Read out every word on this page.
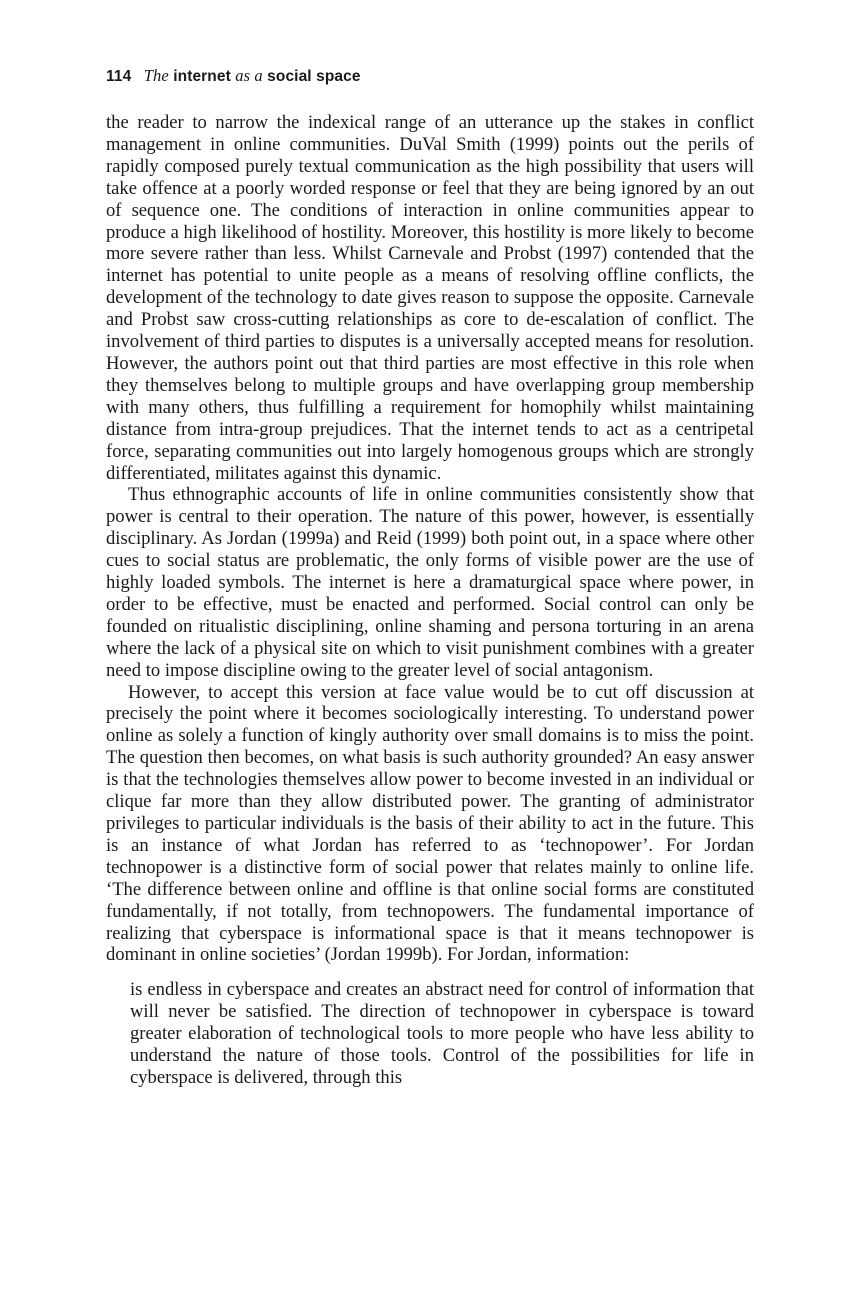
114 The internet as a social space

the reader to narrow the indexical range of an utterance up the stakes in conflict management in online communities. DuVal Smith (1999) points out the perils of rapidly composed purely textual communication as the high possibility that users will take offence at a poorly worded response or feel that they are being ignored by an out of sequence one. The conditions of interaction in online communities appear to produce a high likelihood of hostility. Moreover, this hostility is more likely to become more severe rather than less. Whilst Carnevale and Probst (1997) contended that the internet has potential to unite people as a means of resolving offline conflicts, the development of the technology to date gives reason to suppose the opposite. Carnevale and Probst saw cross-cutting relationships as core to de-escalation of conflict. The involvement of third parties to disputes is a universally accepted means for resolution. However, the authors point out that third parties are most effective in this role when they themselves belong to multiple groups and have overlapping group membership with many others, thus fulfilling a requirement for homophily whilst maintaining distance from intra-group prejudices. That the internet tends to act as a centripetal force, separating communities out into largely homogenous groups which are strongly differentiated, militates against this dynamic.

Thus ethnographic accounts of life in online communities consistently show that power is central to their operation. The nature of this power, however, is essentially disciplinary. As Jordan (1999a) and Reid (1999) both point out, in a space where other cues to social status are problematic, the only forms of visible power are the use of highly loaded symbols. The internet is here a dramaturgical space where power, in order to be effective, must be enacted and performed. Social control can only be founded on ritualistic disciplining, online shaming and persona torturing in an arena where the lack of a physical site on which to visit punishment combines with a greater need to impose discipline owing to the greater level of social antagonism.

However, to accept this version at face value would be to cut off discussion at precisely the point where it becomes sociologically interesting. To understand power online as solely a function of kingly authority over small domains is to miss the point. The question then becomes, on what basis is such authority grounded? An easy answer is that the technologies themselves allow power to become invested in an individual or clique far more than they allow distributed power. The granting of administrator privileges to particular individuals is the basis of their ability to act in the future. This is an instance of what Jordan has referred to as ‘technopower’. For Jordan technopower is a distinctive form of social power that relates mainly to online life. ‘The difference between online and offline is that online social forms are constituted fundamentally, if not totally, from technopowers. The fundamental importance of realizing that cyberspace is informational space is that it means technopower is dominant in online societies’ (Jordan 1999b). For Jordan, information:

is endless in cyberspace and creates an abstract need for control of information that will never be satisfied. The direction of technopower in cyberspace is toward greater elaboration of technological tools to more people who have less ability to understand the nature of those tools. Control of the possibilities for life in cyberspace is delivered, through this
